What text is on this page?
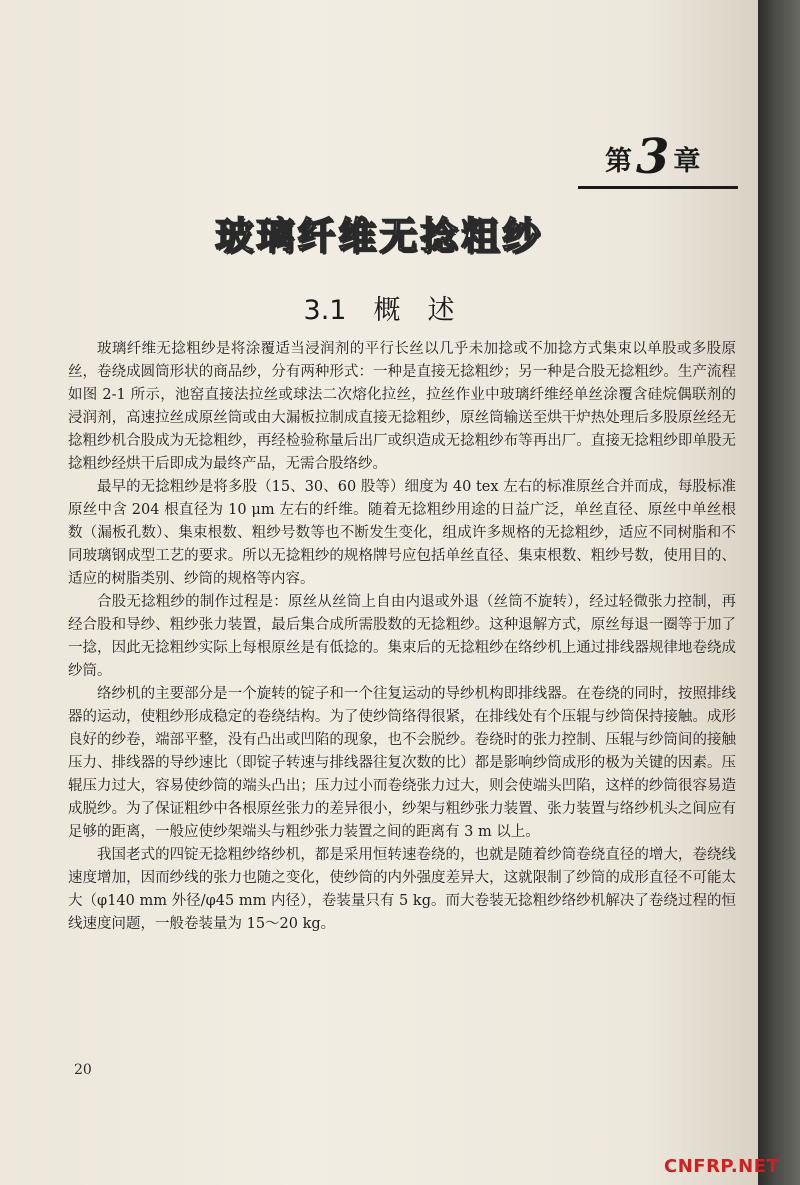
第3 章
玻璃纤维无捻粗纱
3.1　 概　述

玻璃纤维无捻粗纱是将涂覆适当浸润剂的平行长丝以几乎未加捻或不加捻方式集束以单股或多股原丝，卷绕成圆筒形状的商品纱，分有两种形式：一种是直接无捻粗纱；另一种是合股无捻粗纱。生产流程如图 2-1 所示，池窑直接法拉丝或球法二次熔化拉丝，拉丝作业中玻璃纤维经单丝涂覆含硅烷偶联剂的浸润剂，高速拉丝成原丝筒或由大漏板拉制成直接无捻粗纱，原丝筒输送至烘干炉热处理后多股原丝经无捻粗纱机合股成为无捻粗纱，再经检验称量后出厂或织造成无捻粗纱布等再出厂。直接无捻粗纱即单股无捻粗纱经烘干后即成为最终产品，无需合股络纱。

最早的无捻粗纱是将多股（15、30、60 股等）细度为 40 tex 左右的标准原丝合并而成，每股标准原丝中含 204 根直径为 10 μm 左右的纤维。随着无捻粗纱用途的日益广泛，单丝直径、原丝中单丝根数（漏板孔数）、集束根数、粗纱号数等也不断发生变化，组成许多规格的无捻粗纱，适应不同树脂和不同玻璃钢成型工艺的要求。所以无捻粗纱的规格牌号应包括单丝直径、集束根数、粗纱号数，使用目的、适应的树脂类别、纱筒的规格等内容。

合股无捻粗纱的制作过程是：原丝从丝筒上自由内退或外退（丝筒不旋转），经过轻微张力控制，再经合股和导纱、粗纱张力装置，最后集合成所需股数的无捻粗纱。这种退解方式，原丝每退一圈等于加了一捻，因此无捻粗纱实际上每根原丝是有低捻的。集束后的无捻粗纱在络纱机上通过排线器规律地卷绕成纱筒。

络纱机的主要部分是一个旋转的锭子和一个往复运动的导纱机构即排线器。在卷绕的同时，按照排线器的运动，使粗纱形成稳定的卷绕结构。为了使纱筒络得很紧，在排线处有个压辊与纱筒保持接触。成形良好的纱卷，端部平整，没有凸出或凹陷的现象，也不会脱纱。卷绕时的张力控制、压辊与纱筒间的接触压力、排线器的导纱速比（即锭子转速与排线器往复次数的比）都是影响纱筒成形的极为关键的因素。压辊压力过大，容易使纱筒的端头凸出；压力过小而卷绕张力过大，则会使端头凹陷，这样的纱筒很容易造成脱纱。为了保证粗纱中各根原丝张力的差异很小，纱架与粗纱张力装置、张力装置与络纱机头之间应有足够的距离，一般应使纱架端头与粗纱张力装置之间的距离有 3 m 以上。

我国老式的四锭无捻粗纱络纱机，都是采用恒转速卷绕的，也就是随着纱筒卷绕直径的增大，卷绕线速度增加，因而纱线的张力也随之变化，使纱筒的内外强度差异大，这就限制了纱筒的成形直径不可能太大（φ140 mm 外径/φ45 mm 内径），卷装量只有 5 kg。而大卷装无捻粗纱络纱机解决了卷绕过程的恒线速度问题，一般卷装量为 15～20 kg。

20
CNFRP.NET
